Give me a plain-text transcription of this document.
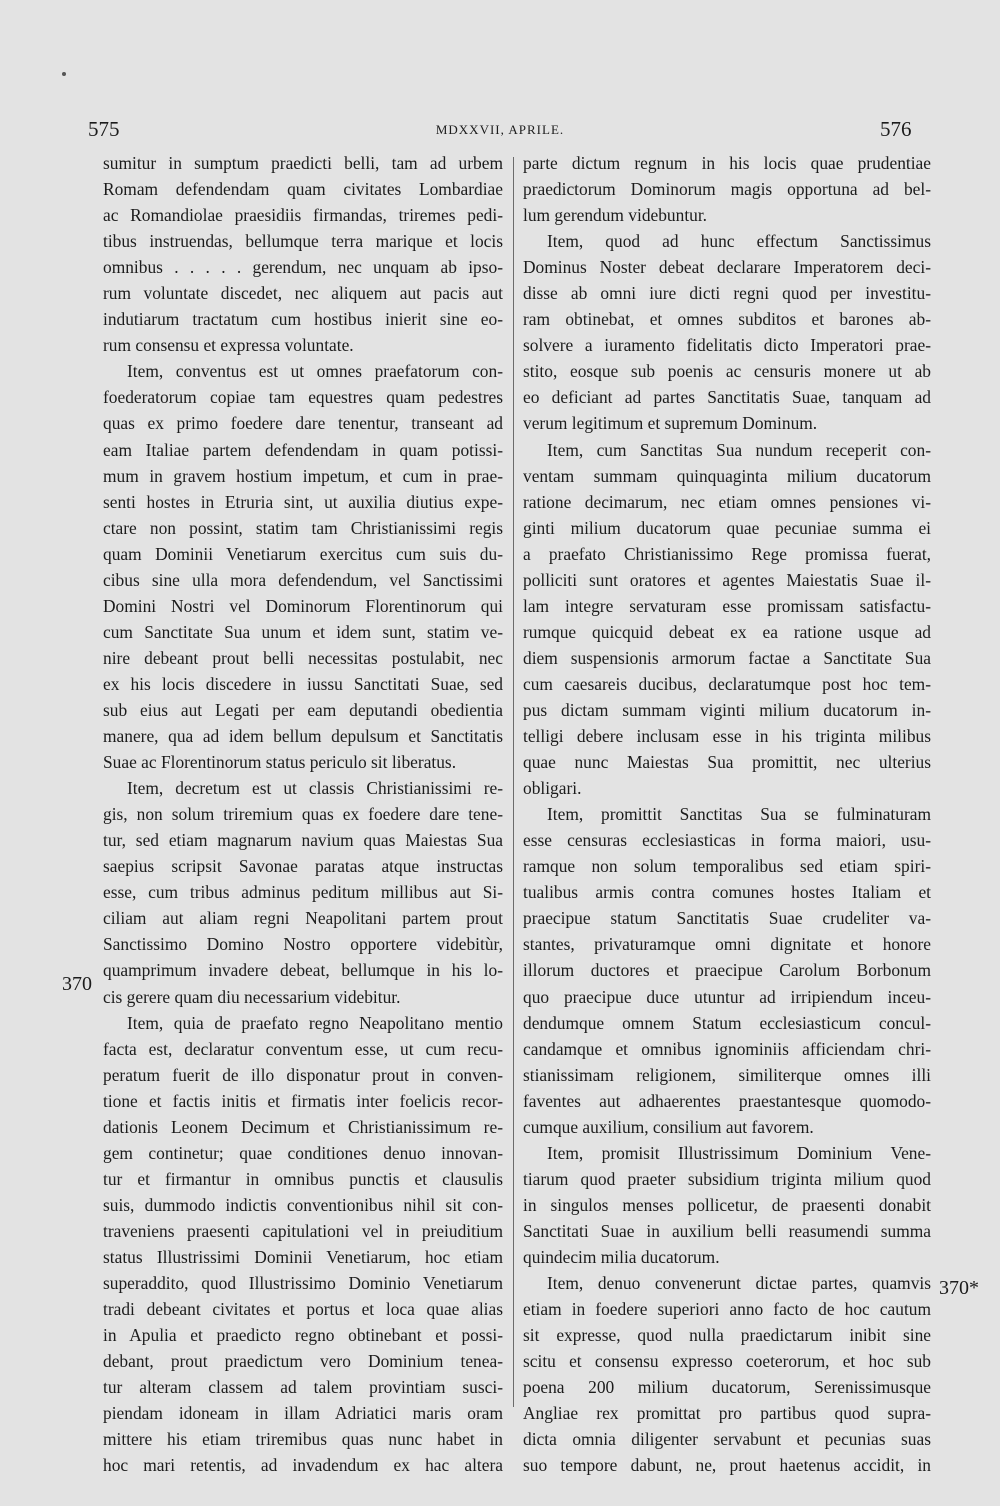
575	MDXXVII, APRILE.	576
sumitur in sumptum praedicti belli, tam ad urbem
Romam defendendam quam civitates Lombardiae
ac Romandiolae praesidiis firmandas, triremes pedi-
tibus instruendas, bellumque terra marique et locis
omnibus . . . . . gerendum, nec unquam ab ipso-
rum voluntate discedet, nec aliquem aut pacis aut
indutiarum tractatum cum hostibus inierit sine eo-
rum consensu et expressa voluntate.
Item, conventus est ut omnes praefatorum con-
foederatorum copiae tam equestres quam pedestres
quas ex primo foedere dare tenentur, transeant ad
eam Italiae partem defendendam in quam potissi-
mum in gravem hostium impetum, et cum in prae-
senti hostes in Etruria sint, ut auxilia diutius expe-
ctare non possint, statim tam Christianissimi regis
quam Dominii Venetiarum exercitus cum suis du-
cibus sine ulla mora defendendum, vel Sanctissimi
Domini Nostri vel Dominorum Florentinorum qui
cum Sanctitate Sua unum et idem sunt, statim ve-
nire debeant prout belli necessitas postulabit, nec
ex his locis discedere in iussu Sanctitati Suae, sed
sub eius aut Legati per eam deputandi obedientia
manere, qua ad idem bellum depulsum et Sanctitatis
Suae ac Florentinorum status periculo sit liberatus.
Item, decretum est ut classis Christianissimi re-
gis, non solum triremium quas ex foedere dare tene-
tur, sed etiam magnarum navium quas Maiestas Sua
saepius scripsit Savonae paratas atque instructas
esse, cum tribus adminus peditum millibus aut Si-
ciliam aut aliam regni Neapolitani partem prout
Sanctissimo Domino Nostro opportere videbitùr,
quamprimum invadere debeat, bellumque in his lo-
cis gerere quam diu necessarium videbitur.
Item, quia de praefato regno Neapolitano mentio
facta est, declaratur conventum esse, ut cum recu-
peratum fuerit de illo disponatur prout in conven-
tione et factis initis et firmatis inter foelicis recor-
dationis Leonem Decimum et Christianissimum re-
gem continetur; quae conditiones denuo innovan-
tur et firmantur in omnibus punctis et clausulis
suis, dummodo indictis conventionibus nihil sit con-
traveniens praesenti capitulationi vel in preiuditium
status Illustrissimi Dominii Venetiarum, hoc etiam
superaddito, quod Illustrissimo Dominio Venetiarum
tradi debeant civitates et portus et loca quae alias
in Apulia et praedicto regno obtinebant et possi-
debant, prout praedictum vero Dominium tenea-
tur alteram classem ad talem provintiam susci-
piendam idoneam in illam Adriatici maris oram
mittere his etiam triremibus quas nunc habet in
hoc mari retentis, ad invadendum ex hac altera
parte dictum regnum in his locis quae prudentiae
praedictorum Dominorum magis opportuna ad bel-
lum gerendum videbuntur.
Item, quod ad hunc effectum Sanctissimus
Dominus Noster debeat declarare Imperatorem deci-
disse ab omni iure dicti regni quod per investitu-
ram obtinebat, et omnes subditos et barones ab-
solvere a iuramento fidelitatis dicto Imperatori prae-
stito, eosque sub poenis ac censuris monere ut ab
eo deficiant ad partes Sanctitatis Suae, tanquam ad
verum legitimum et supremum Dominum.
Item, cum Sanctitas Sua nundum receperit con-
ventam summam quinquaginta milium ducatorum
ratione decimarum, nec etiam omnes pensiones vi-
ginti milium ducatorum quae pecuniae summa ei
a praefato Christianissimo Rege promissa fuerat,
polliciti sunt oratores et agentes Maiestatis Suae il-
lam integre servaturam esse promissam satisfactu-
rumque quicquid debeat ex ea ratione usque ad
diem suspensionis armorum factae a Sanctitate Sua
cum caesareis ducibus, declaratumque post hoc tem-
pus dictam summam viginti milium ducatorum in-
telligi debere inclusam esse in his triginta milibus
quae nunc Maiestas Sua promittit, nec ulterius
obligari.
Item, promittit Sanctitas Sua se fulminaturam
esse censuras ecclesiasticas in forma maiori, usu-
ramque non solum temporalibus sed etiam spiri-
tualibus armis contra comunes hostes Italiam et
praecipue statum Sanctitatis Suae crudeliter va-
stantes, privaturamque omni dignitate et honore
illorum ductores et praecipue Carolum Borbonum
quo praecipue duce utuntur ad irripiendum inceu-
dendumque omnem Statum ecclesiasticum concul-
candamque et omnibus ignominiis afficiendam chri-
stianissimam religionem, similiterque omnes illi
faventes aut adhaerentes praestantesque quomodo-
cumque auxilium, consilium aut favorem.
Item, promisit Illustrissimum Dominium Vene-
tiarum quod praeter subsidium triginta milium quod
in singulos menses pollicetur, de praesenti donabit
Sanctitati Suae in auxilium belli reasumendi summa
quindecim milia ducatorum.
Item, denuo convenerunt dictae partes, quamvis
etiam in foedere superiori anno facto de hoc cautum
sit expresse, quod nulla praedictarum inibit sine
scitu et consensu expresso coeterorum, et hoc sub
poena 200 milium ducatorum, Serenissimusque
Angliae rex promittat pro partibus quod supra-
dicta omnia diligenter servabunt et pecunias suas
suo tempore dabunt, ne, prout haetenus accidit, in
370
370*
